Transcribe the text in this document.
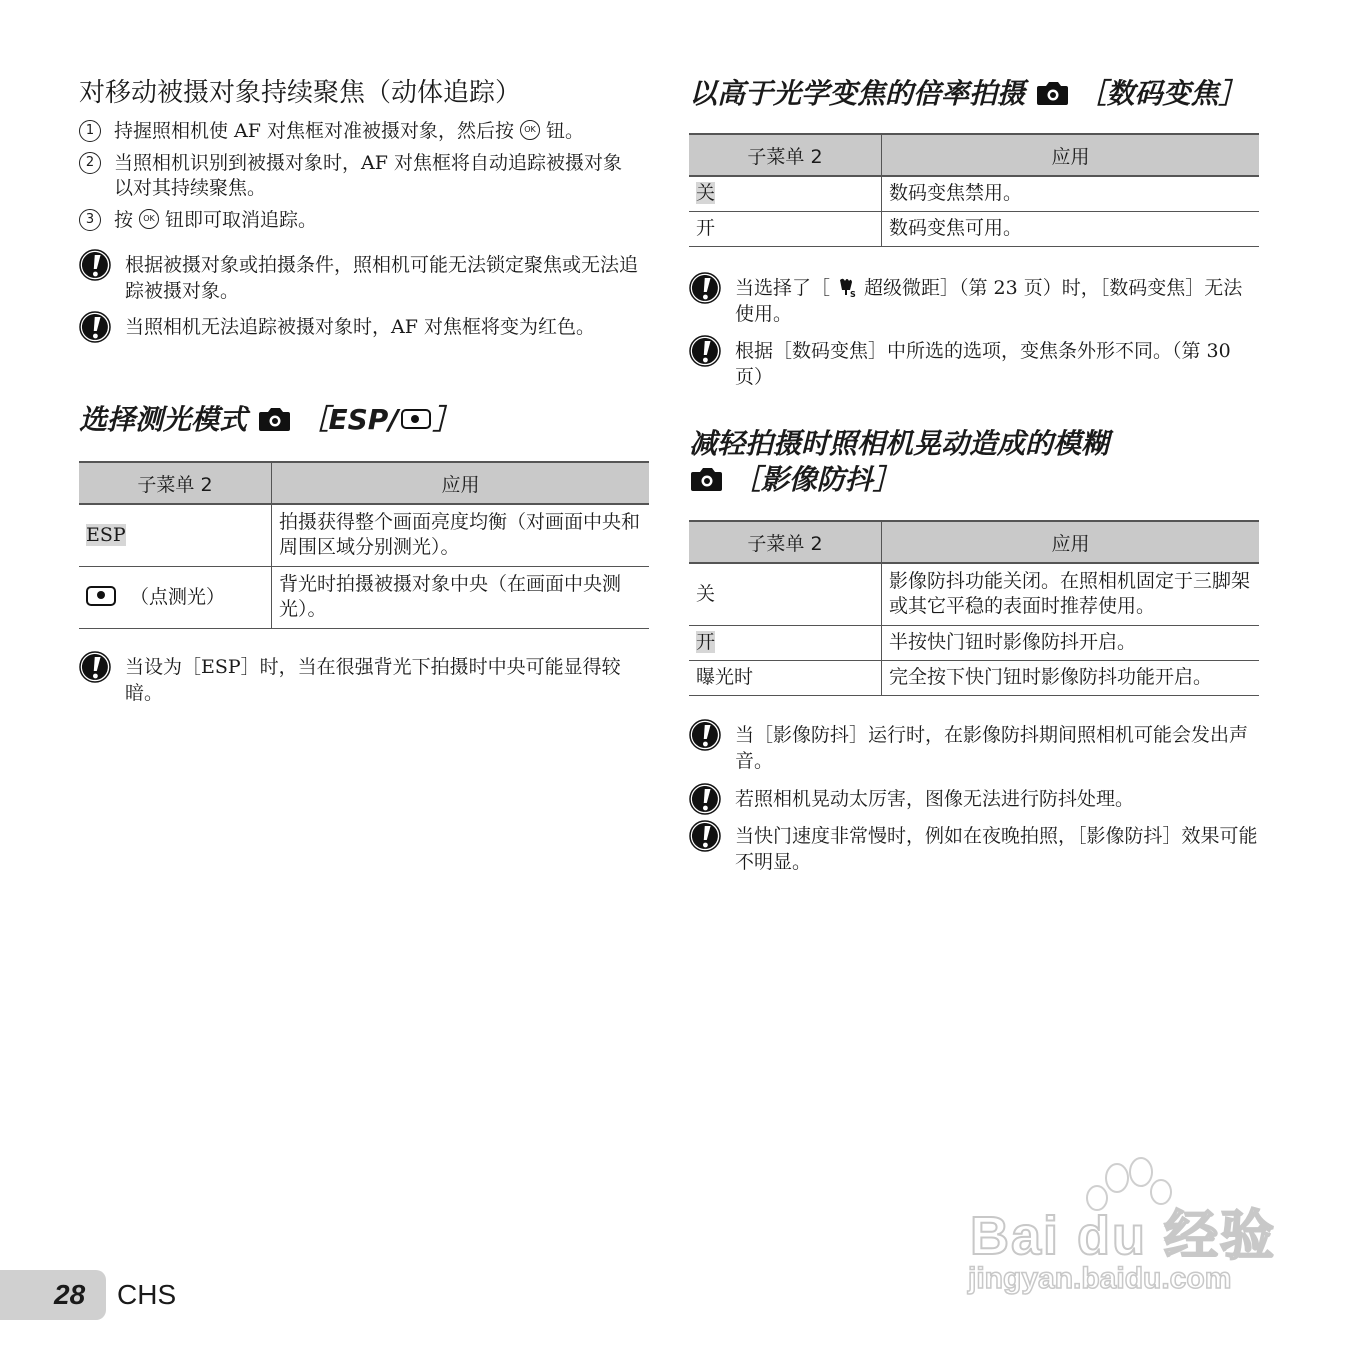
对移动被摄对象持续聚焦（动体追踪）
1	持握照相机使 AF 对焦框对准被摄对象，然后按 OK 钮。
2	当照相机识别到被摄对象时，AF 对焦框将自动追踪被摄对象以对其持续聚焦。
3	按 OK 钮即可取消追踪。
根据被摄对象或拍摄条件，照相机可能无法锁定聚焦或无法追踪被摄对象。
当照相机无法追踪被摄对象时，AF 对焦框将变为红色。
选择测光模式 ［ESP/ ］
子菜单 2	应用
ESP	拍摄获得整个画面亮度均衡（对画面中央和周围区域分别测光）。
（点测光）	背光时拍摄被摄对象中央（在画面中央测光）。
当设为［ESP］时，当在很强背光下拍摄时中央可能显得较暗。
以高于光学变焦的倍率拍摄 ［数码变焦］
子菜单 2	应用
关	数码变焦禁用。
开	数码变焦可用。
当选择了［	S 超级微距］（第 23 页）时，［数码变焦］无法使用。
根据［数码变焦］中所选的选项，变焦条外形不同。（第 30 页）
减轻拍摄时照相机晃动造成的模糊
［影像防抖］
子菜单 2	应用
关	影像防抖功能关闭。在照相机固定于三脚架或其它平稳的表面时推荐使用。
开	半按快门钮时影像防抖开启。
曝光时	完全按下快门钮时影像防抖功能开启。
当［影像防抖］运行时，在影像防抖期间照相机可能会发出声音。
若照相机晃动太厉害，图像无法进行防抖处理。
当快门速度非常慢时，例如在夜晚拍照，［影像防抖］效果可能不明显。
28 CHS
Bai du 经验
jingyan.baidu.com
